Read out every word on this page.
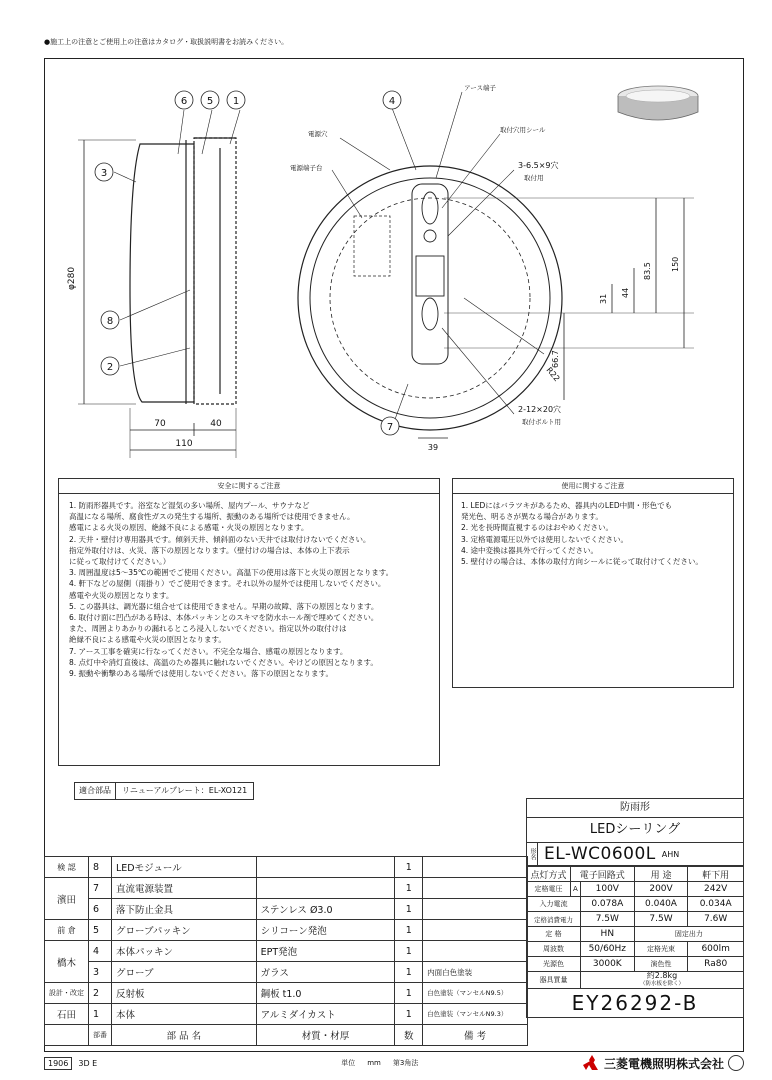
●施工上の注意とご使用上の注意はカタログ・取扱説明書をお読みください。
6 5 1
3
8
2
φ280
70	40
110
4
7
アース端子
電源穴	取付穴用シール
電源端子台	3-6.5×9穴
取付用
2-12×20穴
取付ボルト用
R22
150
83.5
44
31
66.7
39
安全に関するご注意
1. 防雨形器具です。浴室など湿気の多い場所、屋内プール、サウナなど
高温になる場所、腐食性ガスの発生する場所、振動のある場所では使用できません。
感電による火災の原因、絶縁不良による感電・火災の原因となります。
2. 天井・壁付け専用器具です。傾斜天井、傾斜面のない天井では取付けないでください。
指定外取付けは、火災、落下の原因となります。（壁付けの場合は、本体の上下表示
に従って取付けてください。）
3. 周囲温度は5～35℃の範囲でご使用ください。高温下の使用は落下と火災の原因となります。
4. 軒下などの屋側（雨掛り）でご使用できます。それ以外の屋外では使用しないでください。
感電や火災の原因となります。
5. この器具は、調光器に組合せては使用できません。早期の故障、落下の原因となります。
6. 取付け面に凹凸がある時は、本体パッキンとのスキマを防水ホール剤で埋めてください。
また、周囲よりあかりの漏れるところ浸入しないでください。指定以外の取付けは
絶縁不良による感電や火災の原因となります。
7. アース工事を確実に行なってください。不完全な場合、感電の原因となります。
8. 点灯中や消灯直後は、高温のため器具に触れないでください。やけどの原因となります。
9. 振動や衝撃のある場所では使用しないでください。落下の原因となります。
使用に関するご注意
1. LEDにはバラツキがあるため、器具内のLED中間・形色でも
発光色、明るさが異なる場合があります。
2. 光を長時間直視するのはおやめください。
3. 定格電源電圧以外では使用しないでください。
4. 途中変換は器具外で行ってください。
5. 壁付けの場合は、本体の取付方向シールに従って取付けてください。
適合部品	リニューアルプレート：EL-XO121
検 認	8	LEDモジュール		1	
濱田	7	直流電源装置		1	
	6	落下防止金具	ステンレス Ø3.0	1	
前 倉	5	グローブパッキン	シリコーン発泡	1	
橋木	4	本体パッキン	EPT発泡	1	
	3	グローブ	ガラス	1	内面白色塗装
設計・改定	2	反射板	鋼板 t1.0	1	白色塗装（マンセルN9.5）
石田	1	本体	アルミダイカスト	1	白色塗装（マンセルN9.3）
	部番	部 品 名	材質・材厚	数	備 考
防雨形
LEDシーリング
形名 EL-WC0600L AHN
点灯方式	電子回路式		用 途	軒下用
定格電圧	A	100V	200V	242V
入力電流		0.078A	0.040A	0.034A
定格消費電力		7.5W	7.5W	7.6W
定 格		HN	固定出力	
周波数		50/60Hz	定格光束	600lm
光源色		3000K	演色性	Ra80
器具質量		約2.8kg
（防水板を除く）		
EY26292-B
1906	3D E	単位 mm 第3角法	三菱電機照明株式会社
